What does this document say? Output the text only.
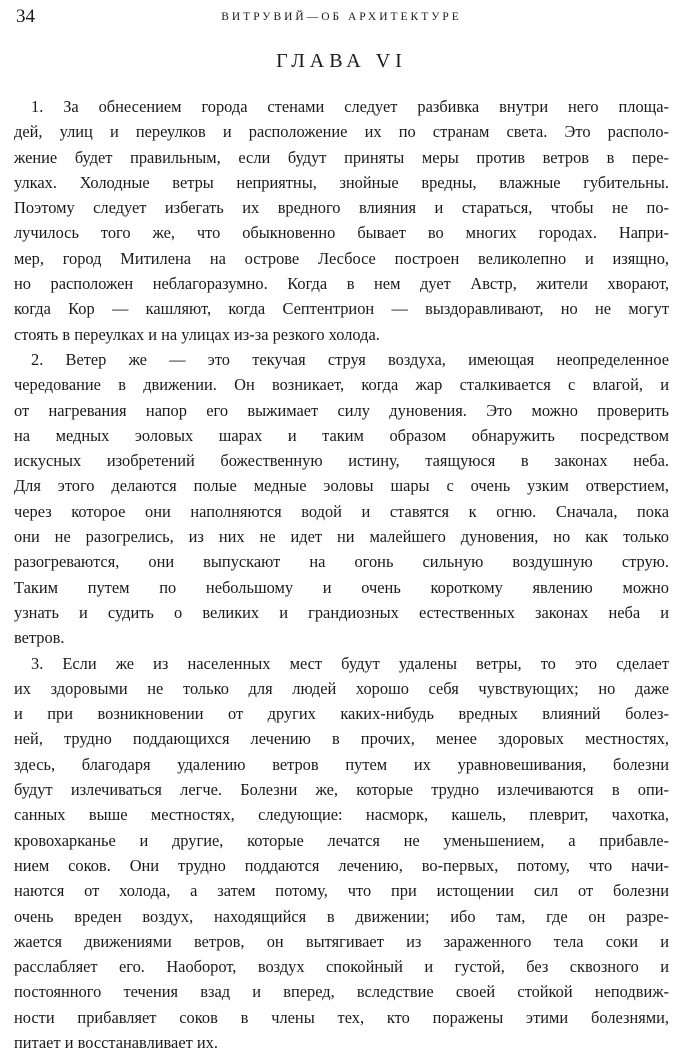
34	ВИТРУВИЙ—ОБ АРХИТЕКТУРЕ
ГЛАВА VI
1. За обнесением города стенами следует разбивка внутри него площа-
дей, улиц и переулков и расположение их по странам света. Это располо-
жение будет правильным, если будут приняты меры против ветров в пере-
улках. Холодные ветры неприятны, знойные вредны, влажные губительны.
Поэтому следует избегать их вредного влияния и стараться, чтобы не по-
лучилось того же, что обыкновенно бывает во многих городах. Напри-
мер, город Митилена на острове Лесбосе построен великолепно и изящно,
но расположен неблагоразумно. Когда в нем дует Австр, жители хворают,
когда Кор — кашляют, когда Септентрион — выздоравливают, но не могут
стоять в переулках и на улицах из-за резкого холода.
2. Ветер же — это текучая струя воздуха, имеющая неопределенное
чередование в движении. Он возникает, когда жар сталкивается с влагой, и
от нагревания напор его выжимает силу дуновения. Это можно проверить
на медных эоловых шарах и таким образом обнаружить посредством
искусных изобретений божественную истину, таящуюся в законах неба.
Для этого делаются полые медные эоловы шары с очень узким отверстием,
через которое они наполняются водой и ставятся к огню. Сначала, пока
они не разогрелись, из них не идет ни малейшего дуновения, но как только
разогреваются, они выпускают на огонь сильную воздушную струю.
Таким путем по небольшому и очень короткому явлению можно
узнать и судить о великих и грандиозных естественных законах неба и
ветров.
3. Если же из населенных мест будут удалены ветры, то это сделает
их здоровыми не только для людей хорошо себя чувствующих; но даже
и при возникновении от других каких-нибудь вредных влияний болез-
ней, трудно поддающихся лечению в прочих, менее здоровых местностях,
здесь, благодаря удалению ветров путем их уравновешивания, болезни
будут излечиваться легче. Болезни же, которые трудно излечиваются в опи-
санных выше местностях, следующие: насморк, кашель, плеврит, чахотка,
кровохарканье и другие, которые лечатся не уменьшением, а прибавле-
нием соков. Они трудно поддаются лечению, во-первых, потому, что начи-
наются от холода, а затем потому, что при истощении сил от болезни
очень вреден воздух, находящийся в движении; ибо там, где он разре-
жается движениями ветров, он вытягивает из зараженного тела соки и
расслабляет его. Наоборот, воздух спокойный и густой, без сквозного и
постоянного течения взад и вперед, вследствие своей стойкой неподвиж-
ности прибавляет соков в члены тех, кто поражены этими болезнями,
питает и восстанавливает их.
